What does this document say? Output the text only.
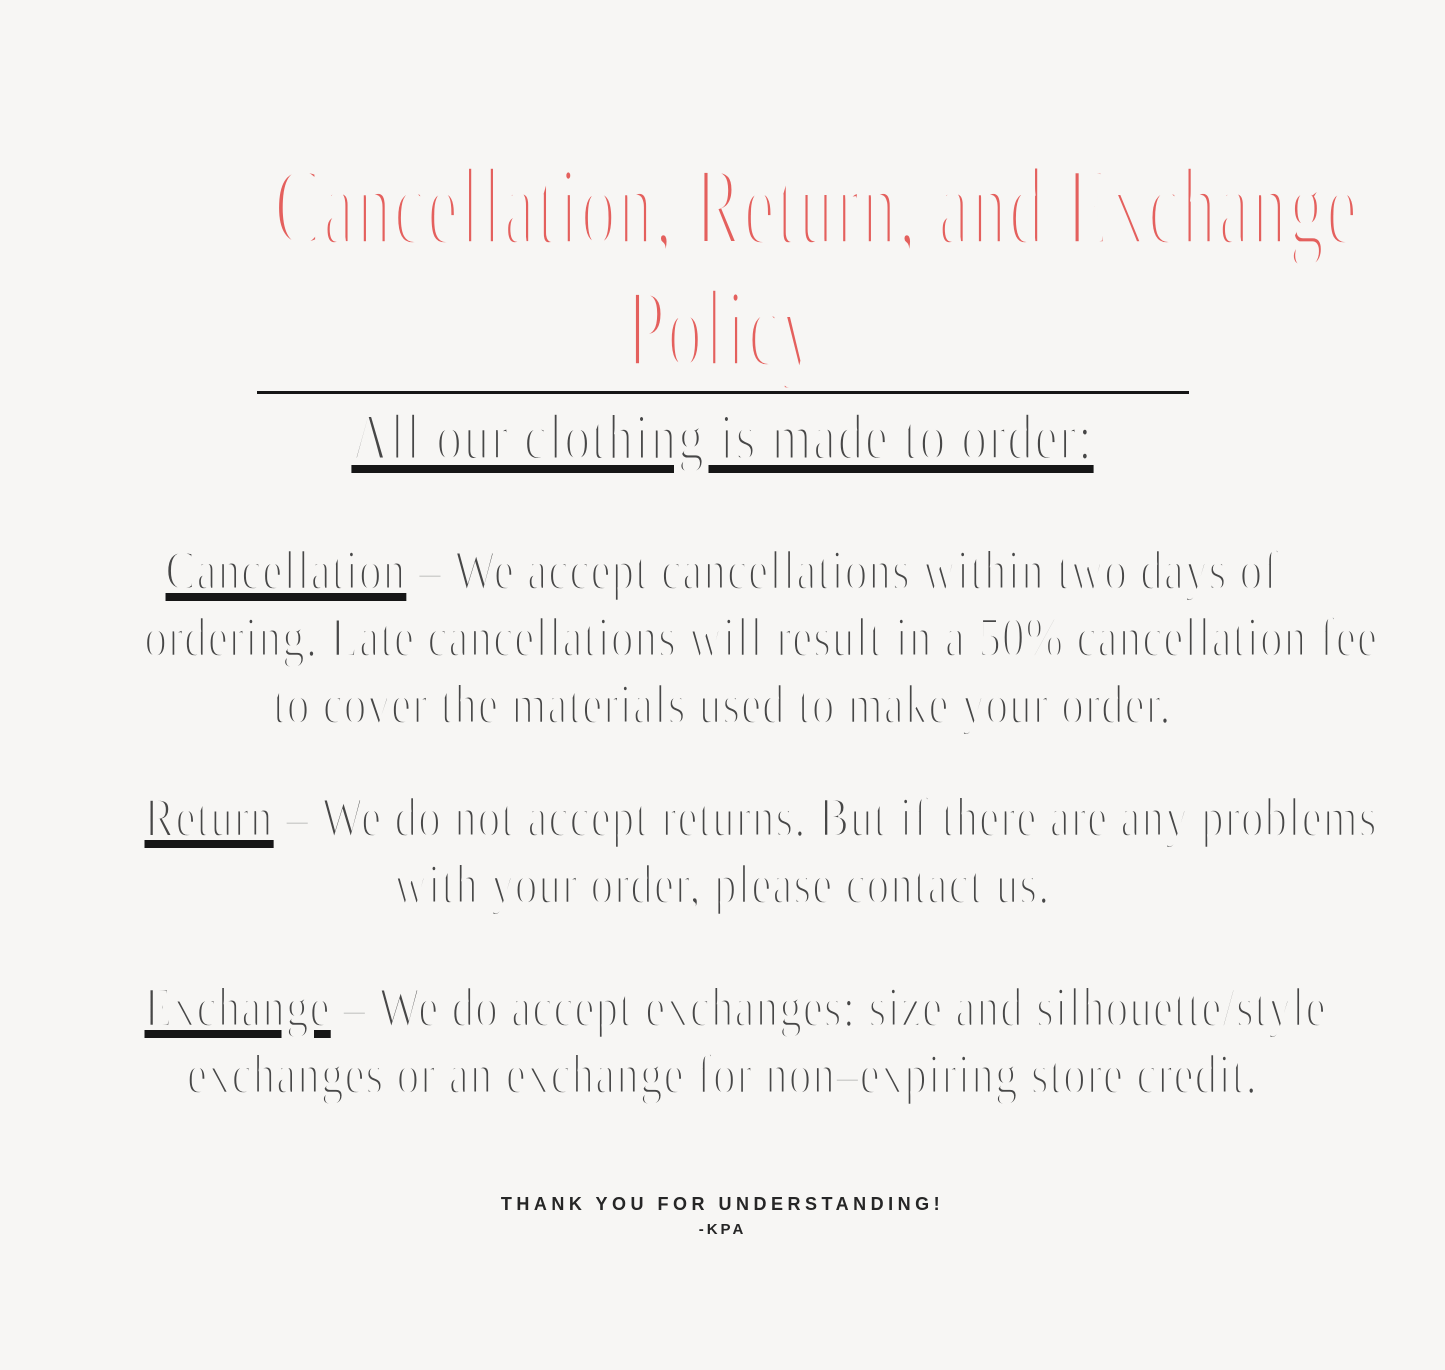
Cancellation, Return, and Exchange
Policy
All our clothing is made to order:
Cancellation – We accept cancellations within two days of
ordering. Late cancellations will result in a 50% cancellation fee
to cover the materials used to make your order.
Return – We do not accept returns. But if there are any problems
with your order, please contact us.
Exchange – We do accept exchanges: size and silhouette/style
exchanges or an exchange for non–expiring store credit.
THANK YOU FOR UNDERSTANDING!
-KPA
